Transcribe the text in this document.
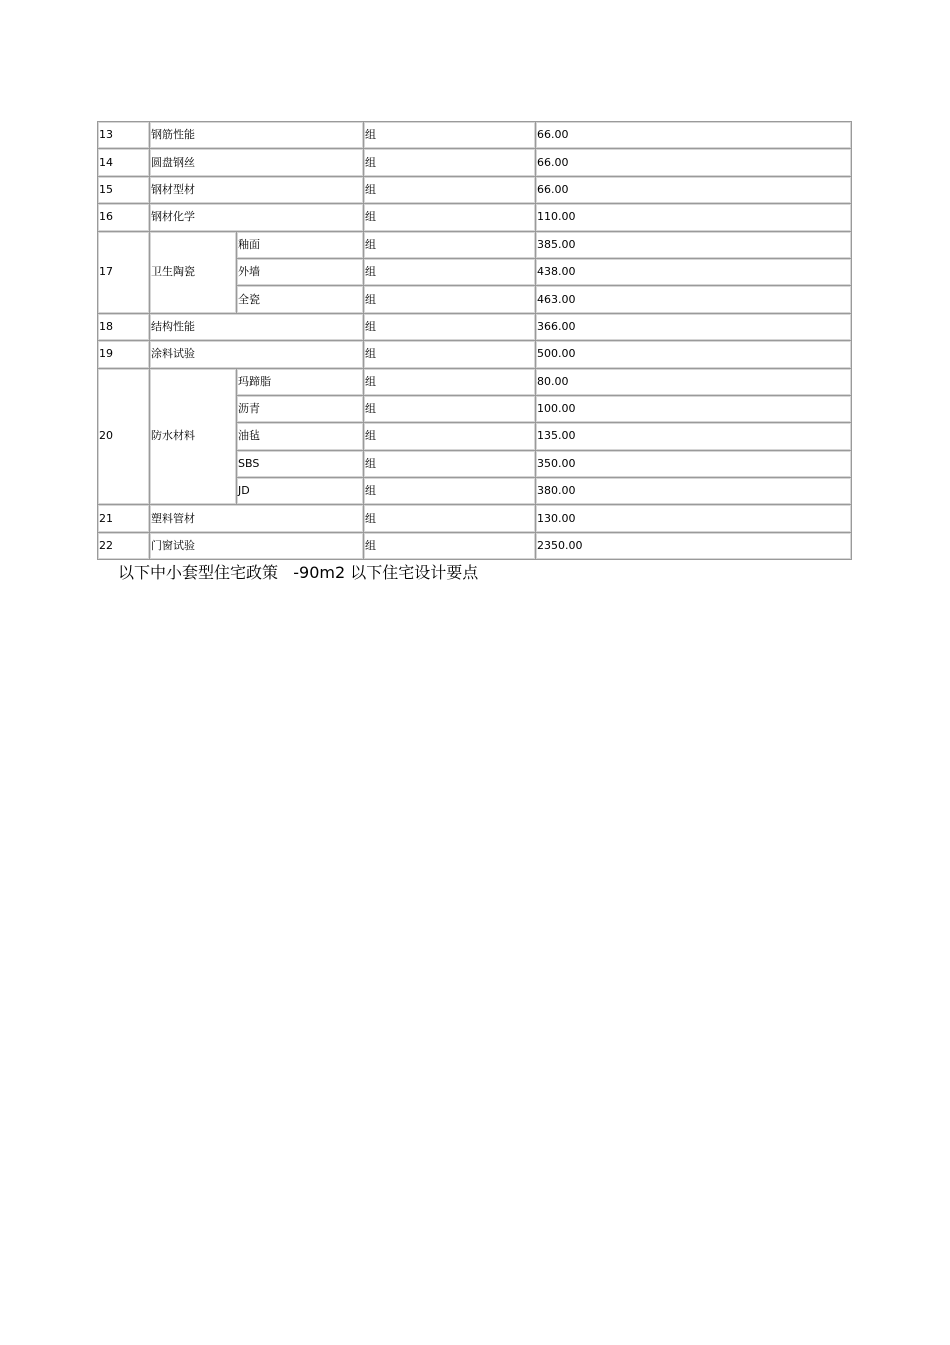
13	钢筋性能		组	66.00
14	圆盘钢丝		组	66.00
15	钢材型材		组	66.00
16	钢材化学		组	110.00
17	卫生陶瓷	釉面	组	385.00
		外墙	组	438.00
		全瓷	组	463.00
18	结构性能		组	366.00
19	涂料试验		组	500.00
20	防水材料	玛蹄脂	组	80.00
		沥青	组	100.00
		油毡	组	135.00
		SBS	组	350.00
		JD	组	380.00
21	塑料管材		组	130.00
22	门窗试验		组	2350.00
以下中小套型住宅政策   -90m2 以下住宅设计要点
